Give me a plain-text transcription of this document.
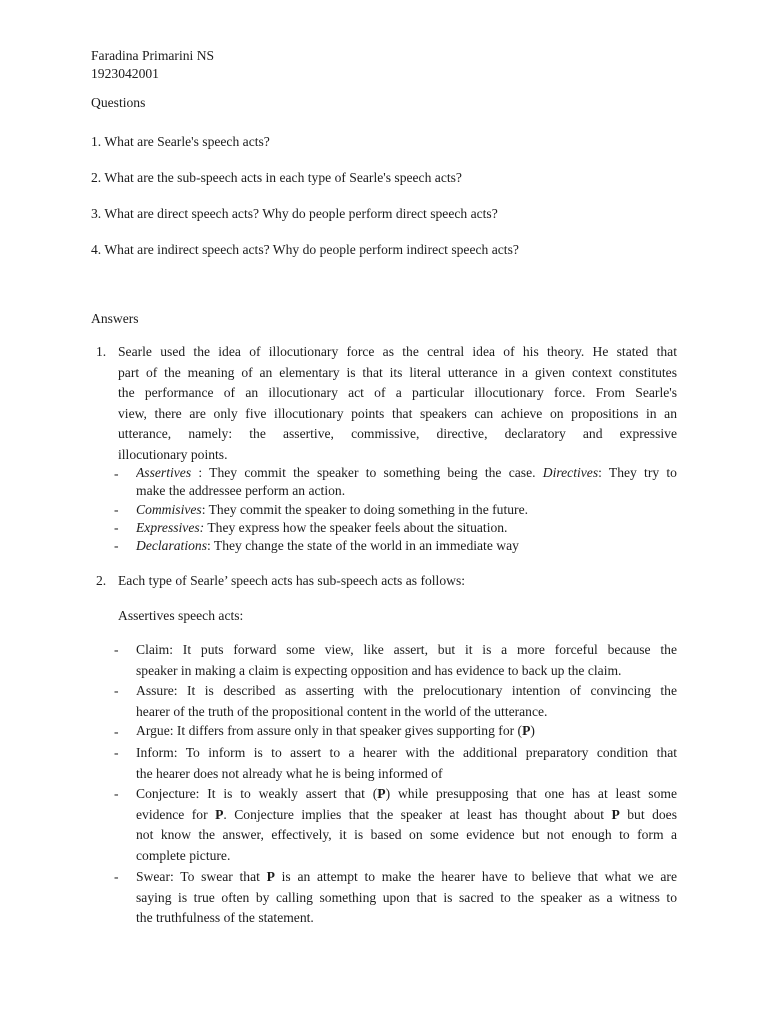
Faradina Primarini NS
1923042001
Questions
1. What are Searle's speech acts?
2. What are the sub-speech acts in each type of Searle's speech acts?
3. What are direct speech acts? Why do people perform direct speech acts?
4. What are indirect speech acts? Why do people perform indirect speech acts?
Answers
1. Searle used the idea of illocutionary force as the central idea of his theory. He stated that
part of the meaning of an elementary is that its literal utterance in a given context constitutes
the performance of an illocutionary act of a particular illocutionary force. From Searle's
view, there are only five illocutionary points that speakers can achieve on propositions in an
utterance, namely: the assertive, commissive, directive, declaratory and expressive
illocutionary points.
- Assertives : They commit the speaker to something being the case. Directives: They try to
make the addressee perform an action.
- Commisives: They commit the speaker to doing something in the future.
- Expressives: They express how the speaker feels about the situation.
- Declarations: They change the state of the world in an immediate way
2. Each type of Searle’ speech acts has sub-speech acts as follows:
Assertives speech acts:
- Claim: It puts forward some view, like assert, but it is a more forceful because the
speaker in making a claim is expecting opposition and has evidence to back up the claim.
- Assure: It is described as asserting with the prelocutionary intention of convincing the
hearer of the truth of the propositional content in the world of the utterance.
- Argue: It differs from assure only in that speaker gives supporting for (P)
- Inform: To inform is to assert to a hearer with the additional preparatory condition that
the hearer does not already what he is being informed of
- Conjecture: It is to weakly assert that (P) while presupposing that one has at least some
evidence for P. Conjecture implies that the speaker at least has thought about P but does
not know the answer, effectively, it is based on some evidence but not enough to form a
complete picture.
- Swear: To swear that P is an attempt to make the hearer have to believe that what we are
saying is true often by calling something upon that is sacred to the speaker as a witness to
the truthfulness of the statement.
